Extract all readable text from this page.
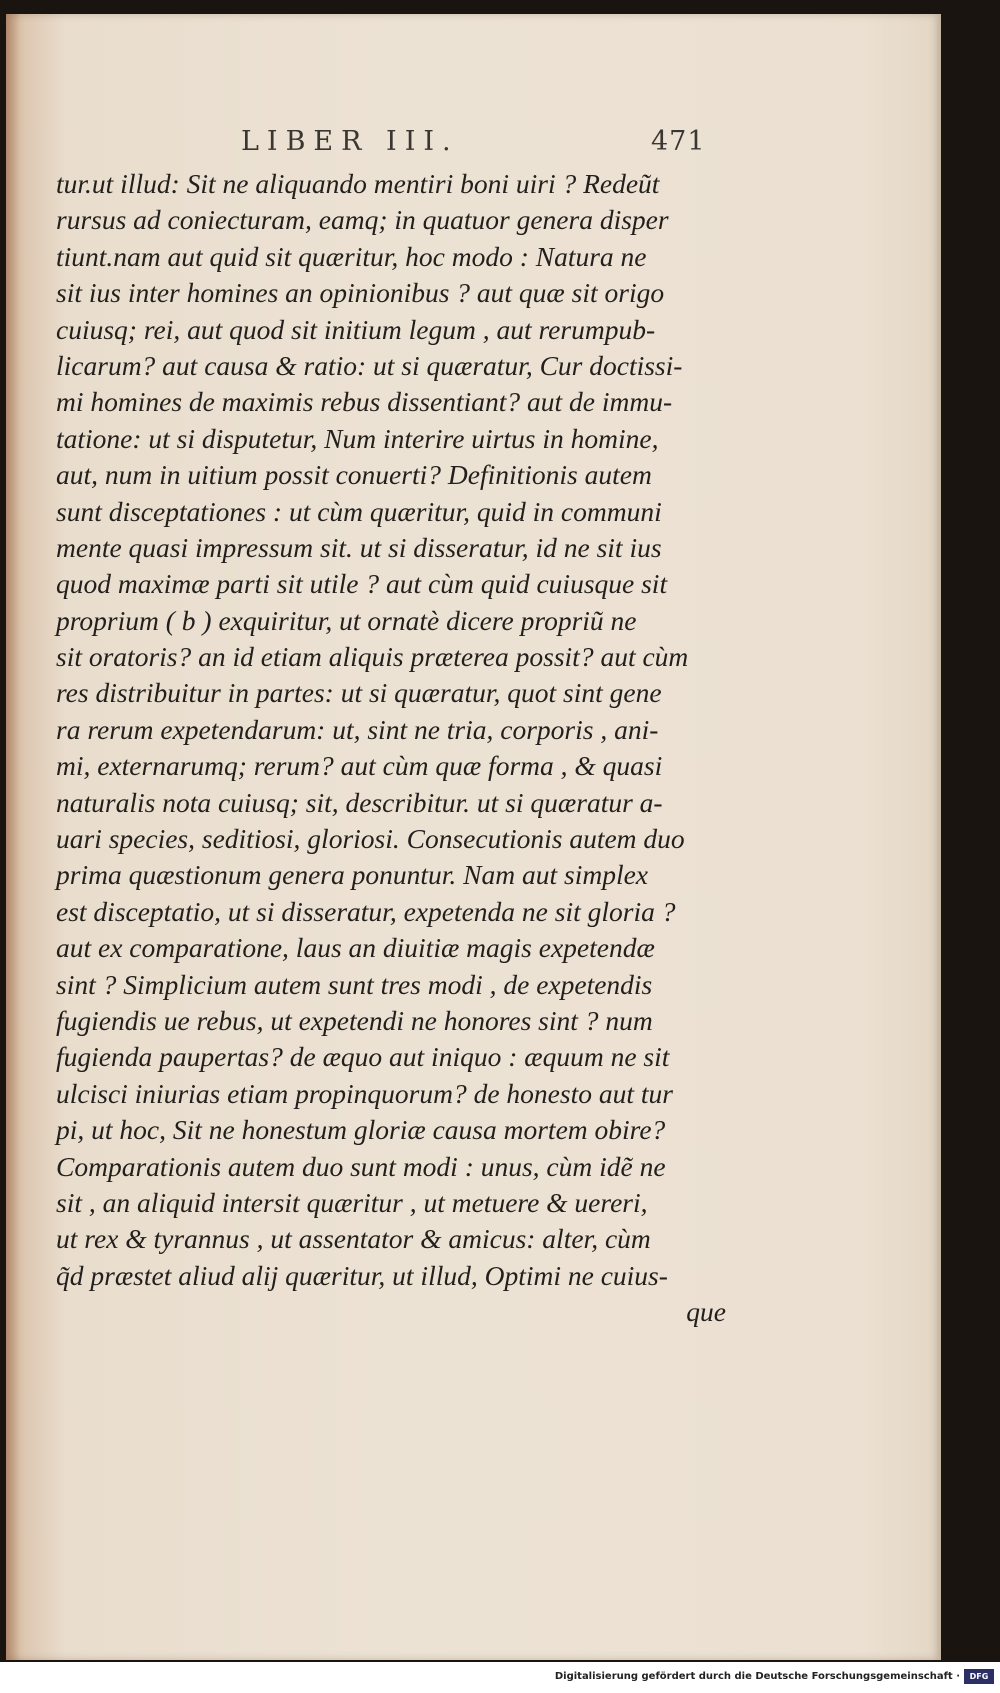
LIBER III.	471
tur.ut illud: Sit ne aliquando mentiri boni uiri ? Redeũt
rursus ad coniecturam, eamq; in quatuor genera disper
tiunt.nam aut quid sit quæritur, hoc modo : Natura ne
sit ius inter homines an opinionibus ? aut quæ sit origo
cuiusq; rei, aut quod sit initium legum , aut rerumpub-
licarum? aut causa & ratio: ut si quæratur, Cur doctissi-
mi homines de maximis rebus dissentiant? aut de immu-
tatione: ut si disputetur, Num interire uirtus in homine,
aut, num in uitium possit conuerti? Definitionis autem
sunt disceptationes : ut cùm quæritur, quid in communi
mente quasi impressum sit. ut si disseratur, id ne sit ius
quod maximæ parti sit utile ? aut cùm quid cuiusque sit
proprium ( b ) exquiritur, ut ornatè dicere propriũ ne
sit oratoris? an id etiam aliquis prætereа possit? aut cùm
res distribuitur in partes: ut si quæratur, quot sint gene
ra rerum expetendarum: ut, sint ne tria, corporis , ani-
mi, externarumq; rerum? aut cùm quæ forma , & quasi
naturalis nota cuiusq; sit, describitur. ut si quæratur a-
uari species, seditiosi, gloriosi. Consecutionis autem duo
prima quæstionum genera ponuntur. Nam aut simplex
est disceptatio, ut si disseratur, expetenda ne sit gloria ?
aut ex comparatione, laus an diuitiæ magis expetendæ
sint ? Simplicium autem sunt tres modi , de expetendis
fugiendis ue rebus, ut expetendi ne honores sint ? num
fugienda paupertas? de æquo aut iniquo : æquum ne sit
ulcisci iniurias etiam propinquorum? de honesto aut tur
pi, ut hoc, Sit ne honestum gloriæ causa mortem obire?
Comparationis autem duo sunt modi : unus, cùm idẽ ne
sit , an aliquid intersit quæritur , ut metuere & uereri,
ut rex & tyrannus , ut assentator & amicus: alter, cùm
q̃d præstet aliud alij quæritur, ut illud, Optimi ne cuius-
que
Digitalisierung gefördert durch die Deutsche Forschungsgemeinschaft ·	DFG
